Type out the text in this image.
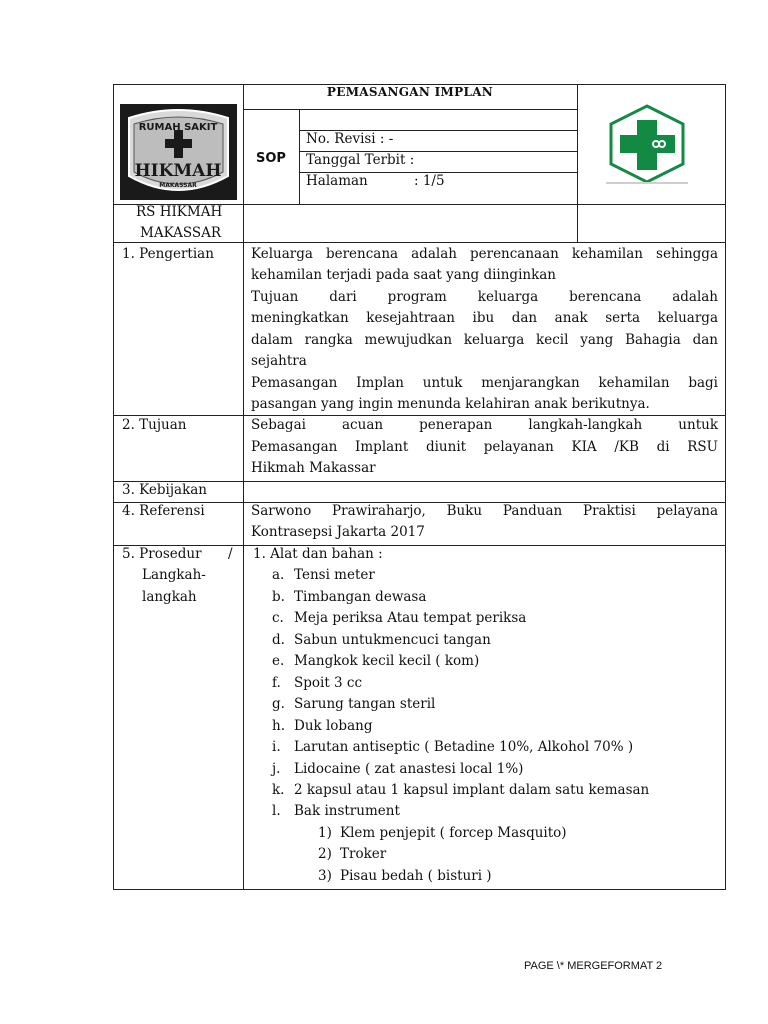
RUMAH SAKIT
HIKMAH
MAKASSAR
PEMASANGAN IMPLAN
SOP
No. Revisi : -
Tanggal Terbit :
Halaman	: 1/5
RS HIKMAH
MAKASSAR
1. Pengertian	Keluarga berencana adalah perencanaan kehamilan sehingga
kehamilan terjadi pada saat yang diinginkan
Tujuan dari program keluarga berencana adalah
meningkatkan kesejahtraan ibu dan anak serta keluarga
dalam rangka mewujudkan keluarga kecil yang Bahagia dan
sejahtra
Pemasangan Implan untuk menjarangkan kehamilan bagi
pasangan yang ingin menunda kelahiran anak berikutnya.
2. Tujuan	Sebagai acuan penerapan langkah-langkah untuk
Pemasangan Implant diunit pelayanan KIA /KB di RSU
Hikmah Makassar
3. Kebijakan
4. Referensi	Sarwono Prawiraharjo, Buku Panduan Praktisi pelayana
Kontrasepsi Jakarta 2017
5. Prosedur /
Langkah-
langkah
1. Alat dan bahan :
a. Tensi meter
b. Timbangan dewasa
c. Meja periksa Atau tempat periksa
d. Sabun untukmencuci tangan
e. Mangkok kecil kecil ( kom)
f. Spoit 3 cc
g. Sarung tangan steril
h. Duk lobang
i. Larutan antiseptic ( Betadine 10%, Alkohol 70% )
j. Lidocaine ( zat anastesi local 1%)
k. 2 kapsul atau 1 kapsul implant dalam satu kemasan
l. Bak instrument
1) Klem penjepit ( forcep Masquito)
2) Troker
3) Pisau bedah ( bisturi )
PAGE \* MERGEFORMAT 2
